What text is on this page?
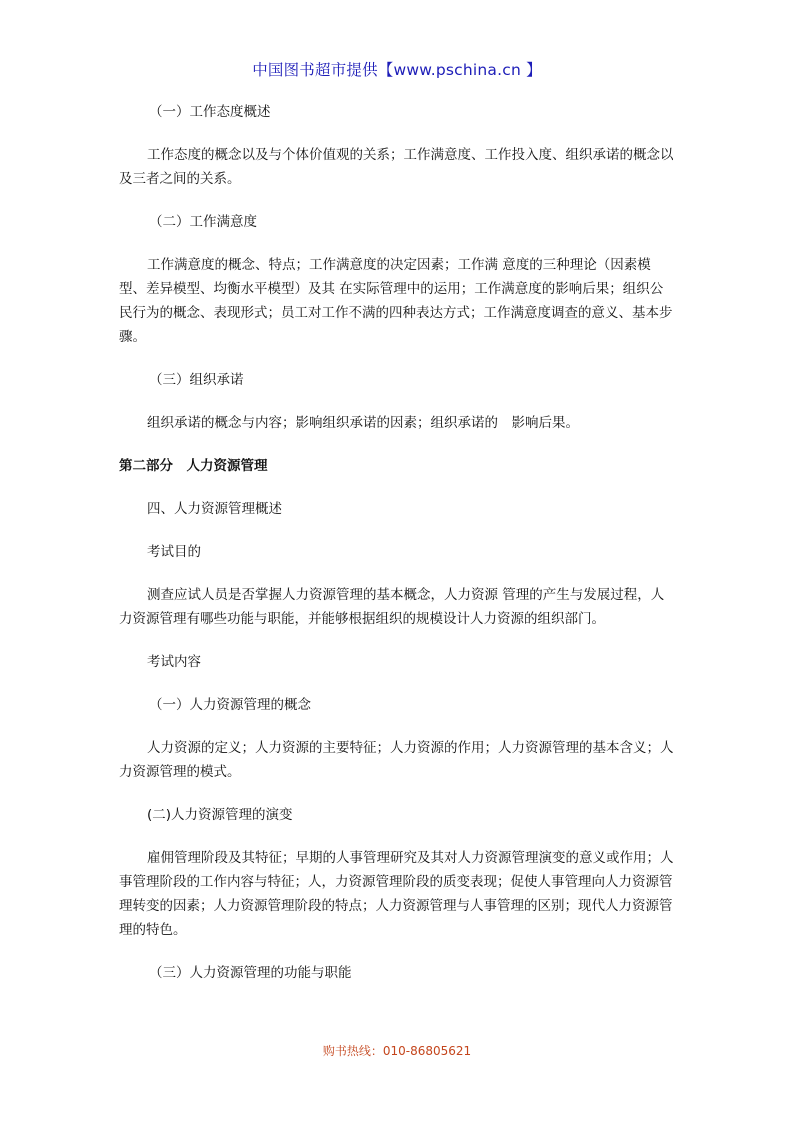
中国图书超市提供【www.pschina.cn 】

（一）工作态度概述

工作态度的概念以及与个体价值观的关系；工作满意度、工作投入度、组织承诺的概念以及三者之间的关系。

（二）工作满意度

工作满意度的概念、特点；工作满意度的决定因素；工作满 意度的三种理论（因素模型、差异模型、均衡水平模型）及其 在实际管理中的运用；工作满意度的影响后果；组织公民行为的概念、表现形式；员工对工作不满的四种表达方式；工作满意度调查的意义、基本步骤。

（三）组织承诺

组织承诺的概念与内容；影响组织承诺的因素；组织承诺的　影响后果。

第二部分　人力资源管理

四、人力资源管理概述

考试目的

测查应试人员是否掌握人力资源管理的基本概念，人力资源 管理的产生与发展过程，人力资源管理有哪些功能与职能，并能够根据组织的规模设计人力资源的组织部门。

考试内容

（一）人力资源管理的概念

人力资源的定义；人力资源的主要特征；人力资源的作用；人力资源管理的基本含义；人力资源管理的模式。

(二)人力资源管理的演变

雇佣管理阶段及其特征；早期的人事管理研究及其对人力资源管理演变的意义或作用；人事管理阶段的工作内容与特征；人，力资源管理阶段的质变表现；促使人事管理向人力资源管理转变的因素；人力资源管理阶段的特点；人力资源管理与人事管理的区别；现代人力资源管理的特色。

（三）人力资源管理的功能与职能

购书热线：010-86805621
